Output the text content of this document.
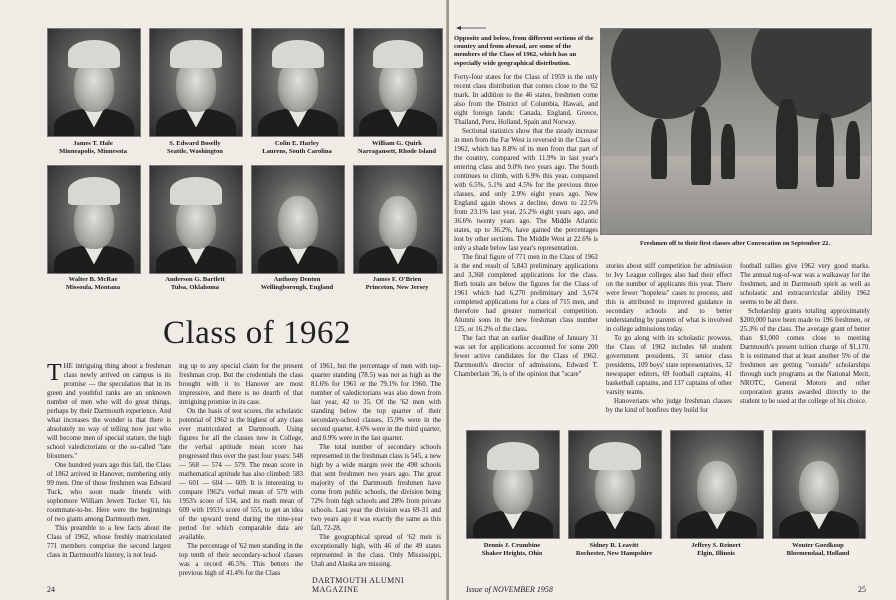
James T. Hale
Minneapolis, Minnesota
S. Edward Boselly
Seattle, Washington
Colin E. Harley
Laurens, South Carolina
William G. Quirk
Narragansett, Rhode Island
Walter B. McRae
Missoula, Montana
Anderson G. Bartlett
Tulsa, Oklahoma
Anthony Denton
Wellingborough, England
James F. O'Brien
Princeton, New Jersey
Class of 1962

THE intriguing thing about a freshman class newly arrived on campus is its promise — the speculation that in its green and youthful ranks are an unknown number of men who will do great things, perhaps by their Dartmouth experience. And what increases the wonder is that there is absolutely no way of telling now just who will become men of special stature, the high school valedictorians or the so-called "late bloomers."

One hundred years ago this fall, the Class of 1862 arrived in Hanover, numbering only 99 men. One of those freshmen was Edward Tuck, who soon made friends with sophomore William Jewett Tucker '61, his roommate-to-be. Here were the beginnings of two giants among Dartmouth men.

This preamble to a few facts about the Class of 1962, whose freshly matriculated 771 members comprise the second largest class in Dartmouth's history, is not lead-

ing up to any special claim for the present freshman crop. But the credentials the class brought with it to Hanover are most impressive, and there is no dearth of that intriguing promise in its case.

On the basis of test scores, the scholastic potential of 1962 is the highest of any class ever matriculated at Dartmouth. Using figures for all the classes now in College, the verbal aptitude mean score has progressed thus over the past four years: 548 — 568 — 574 — 579. The mean score in mathematical aptitude has also climbed: 583 — 601 — 604 — 609. It is interesting to compare 1962's verbal mean of 579 with 1953's score of 534, and its math mean of 609 with 1953's score of 555, to get an idea of the upward trend during the nine-year period for which comparable data are available.

The percentage of '62 men standing in the top tenth of their secondary-school classes was a record 46.5%. This betters the previous high of 41.4% for the Class

of 1961, but the percentage of men with top-quarter standing (78.5) was not as high as the 81.6% for 1961 or the 79.1% for 1960. The number of valedictorians was also down from last year, 42 to 35. Of the '62 men with standing below the top quarter of their secondary-school classes, 15.9% were in the second quarter, 4.6% were in the third quarter, and 0.9% were in the last quarter.

The total number of secondary schools represented in the freshman class is 545, a new high by a wide margin over the 498 schools that sent freshmen two years ago. The great majority of the Dartmouth freshmen have come from public schools, the division being 72% from high schools and 28% from private schools. Last year the division was 69-31 and two years ago it was exactly the same as this fall, 72-28.

The geographical spread of '62 men is exceptionally high, with 46 of the 49 states represented in the class. Only Mississippi, Utah and Alaska are missing.

24
DARTMOUTH ALUMNI MAGAZINE
Opposite and below, from different sections of the country and from abroad, are some of the members of the Class of 1962, which has an especially wide geographical distribution.

Forty-four states for the Class of 1959 is the only recent class distribution that comes close to the '62 mark. In addition to the 46 states, freshmen come also from the District of Columbia, Hawaii, and eight foreign lands: Canada, England, Greece, Thailand, Peru, Holland, Spain and Norway.

Sectional statistics show that the steady increase in men from the Far West is reversed in the Class of 1962, which has 8.8% of its men from that part of the country, compared with 11.9% in last year's entering class and 9.0% two years ago. The South continues to climb, with 6.9% this year, compared with 6.5%, 5.1% and 4.5% for the previous three classes, and only 2.9% eight years ago. New England again shows a decline, down to 22.5% from 23.1% last year, 25.2% eight years ago, and 36.6% twenty years ago. The Middle Atlantic states, up to 36.2%, have gained the percentages lost by other sections. The Middle West at 22.6% is only a shade below last year's representation.

The final figure of 771 men in the Class of 1962 is the end result of 5,843 preliminary applications and 3,368 completed applications for the class. Both totals are below the figures for the Class of 1961 which had 6,270 preliminary and 3,674 completed applications for a class of 715 men, and therefore had greater numerical competition. Alumni sons in the new freshman class number 125, or 16.2% of the class.

The fact that an earlier deadline of January 31 was set for applications accounted for some 200 fewer active candidates for the Class of 1962. Dartmouth's director of admissions, Edward T. Chamberlain '36, is of the opinion that "scare"

Freshmen off to their first classes after Convocation on September 22.

stories about stiff competition for admission to Ivy League colleges also had their effect on the number of applicants this year. There were fewer "hopeless" cases to process, and this is attributed to improved guidance in secondary schools and to better understanding by parents of what is involved in college admissions today.

To go along with its scholastic prowess, the Class of 1962 includes 68 student government presidents, 31 senior class presidents, 109 boys' state representatives, 32 newspaper editors, 69 football captains, 41 basketball captains, and 137 captains of other varsity teams.

Hanoverians who judge freshman classes by the kind of bonfires they build for

football rallies give 1962 very good marks. The annual tug-of-war was a walkaway for the freshmen, and in Dartmouth spirit as well as scholastic and extracurricular ability 1962 seems to be all there.

Scholarship grants totaling approximately $200,000 have been made to 196 freshmen, or 25.3% of the class. The average grant of better than $1,000 comes close to meeting Dartmouth's present tuition charge of $1,170. It is estimated that at least another 5% of the freshmen are getting "outside" scholarships through such programs as the National Merit, NROTC, General Motors and other corporation grants awarded directly to the student to be used at the college of his choice.

Dennis J. Crumbine
Shaker Heights, Ohio
Sidney R. Leavitt
Rochester, New Hampshire
Jeffrey S. Reinert
Elgin, Illinois
Wouter Goedkoop
Bloemendaal, Holland
Issue of NOVEMBER 1958	25
